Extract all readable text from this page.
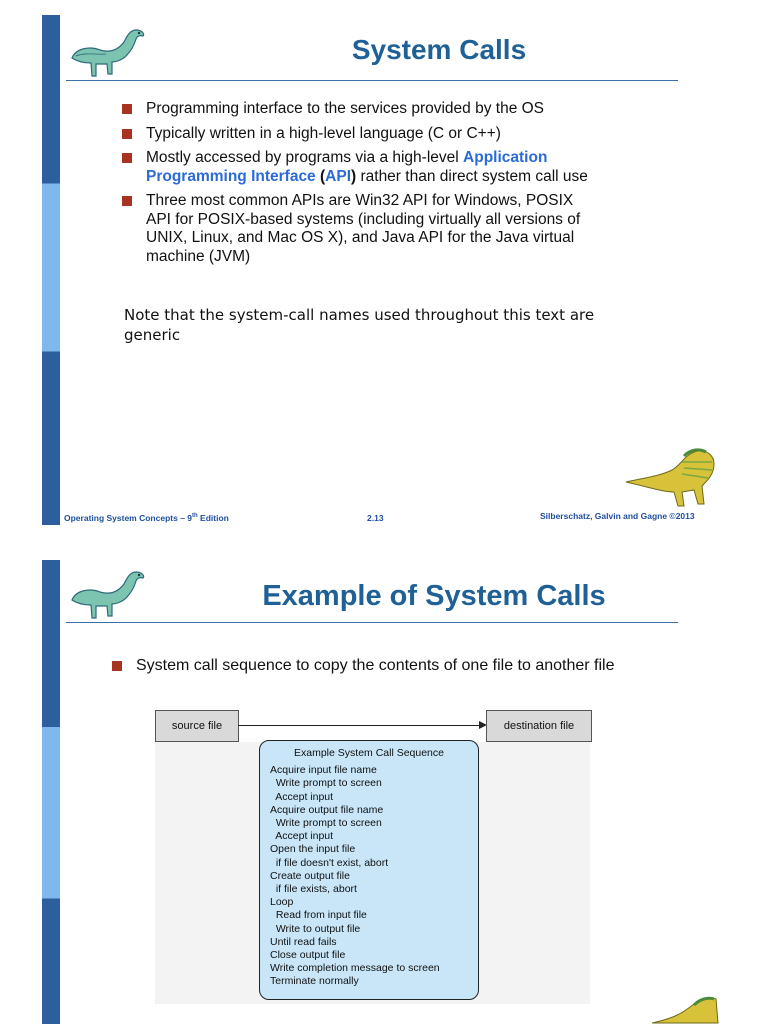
System Calls
Programming interface to the services provided by the OS
Typically written in a high-level language (C or C++)
Mostly accessed by programs via a high-level Application Programming Interface (API) rather than direct system call use
Three most common APIs are Win32 API for Windows, POSIX API for POSIX-based systems (including virtually all versions of UNIX, Linux, and Mac OS X), and Java API for the Java virtual machine (JVM)
Note that the system-call names used throughout this text are generic
Operating System Concepts – 9th Edition	2.13	Silberschatz, Galvin and Gagne ©2013
Example of System Calls
System call sequence to copy the contents of one file to another file
source file	destination file
Example System Call Sequence
Acquire input file name
Write prompt to screen
Accept input
Acquire output file name
Write prompt to screen
Accept input
Open the input file
if file doesn't exist, abort
Create output file
if file exists, abort
Loop
Read from input file
Write to output file
Until read fails
Close output file
Write completion message to screen
Terminate normally
